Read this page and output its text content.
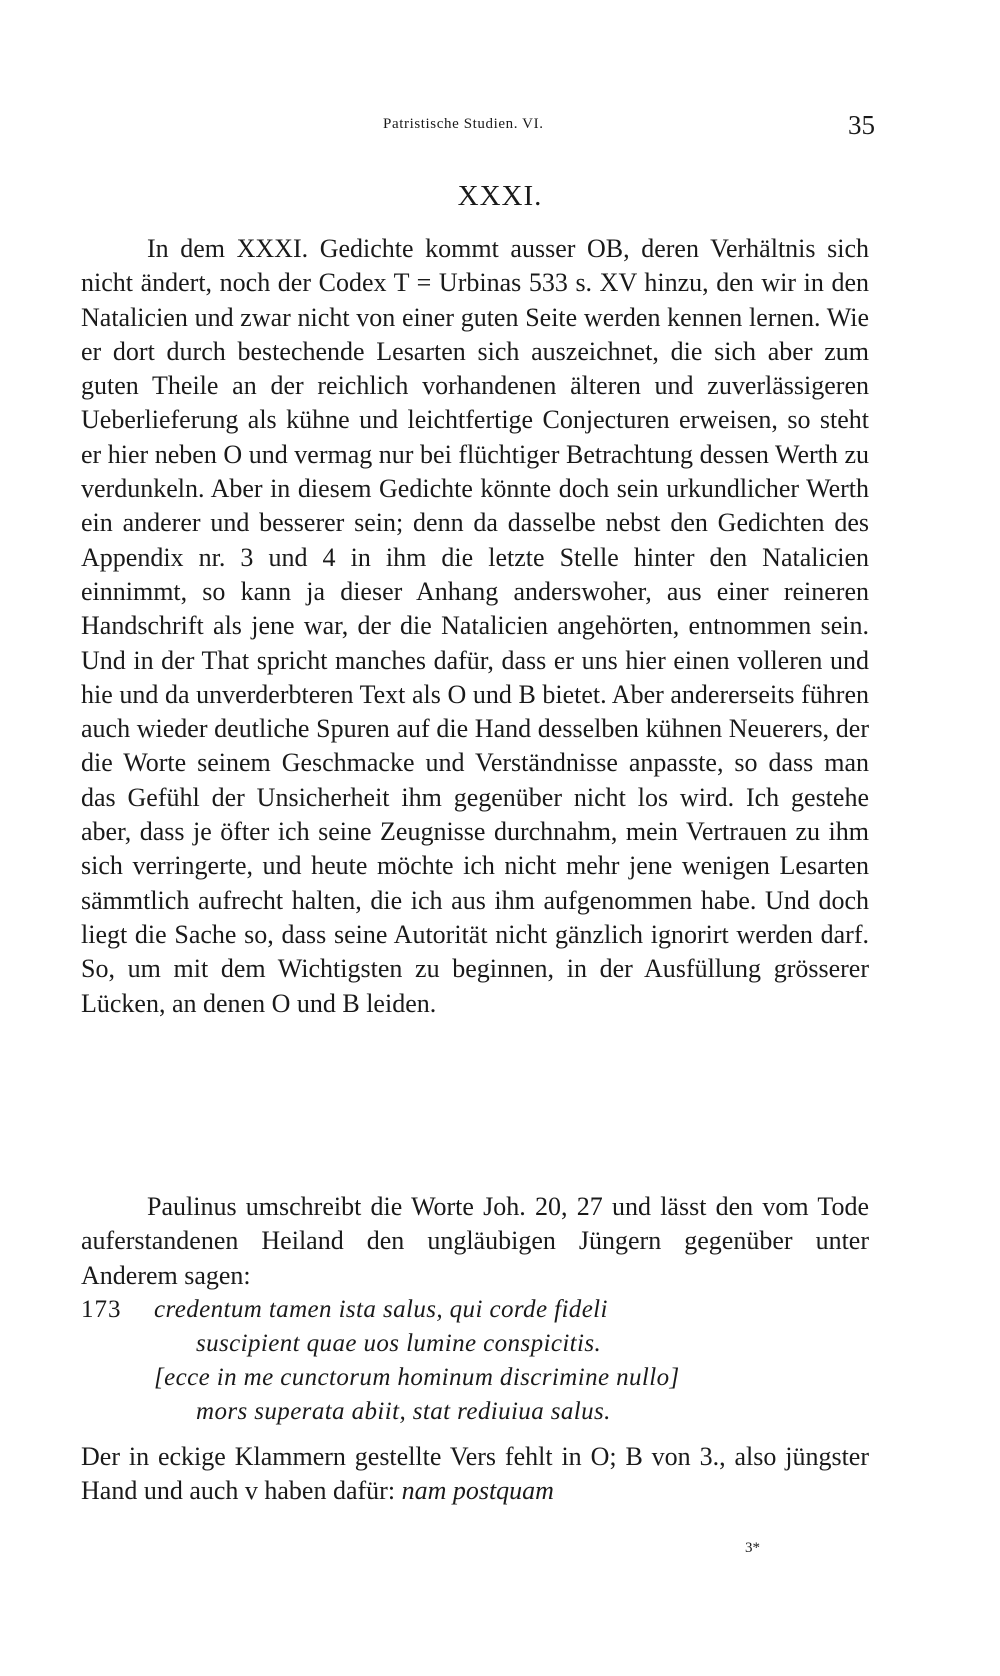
Patristische Studien. VI.	35
XXXI.

In dem XXXI. Gedichte kommt ausser OB, deren Verhältnis sich nicht ändert, noch der Codex T = Urbinas 533 s. XV hinzu, den wir in den Natalicien und zwar nicht von einer guten Seite werden kennen lernen. Wie er dort durch bestechende Lesarten sich auszeichnet, die sich aber zum guten Theile an der reichlich vorhandenen älteren und zuverlässigeren Ueberlieferung als kühne und leichtfertige Conjecturen erweisen, so steht er hier neben O und vermag nur bei flüchtiger Betrachtung dessen Werth zu verdunkeln. Aber in diesem Gedichte könnte doch sein urkundlicher Werth ein anderer und besserer sein; denn da dasselbe nebst den Gedichten des Appendix nr. 3 und 4 in ihm die letzte Stelle hinter den Natalicien einnimmt, so kann ja dieser Anhang anderswoher, aus einer reineren Handschrift als jene war, der die Natalicien angehörten, entnommen sein. Und in der That spricht manches dafür, dass er uns hier einen volleren und hie und da unverderbteren Text als O und B bietet. Aber andererseits führen auch wieder deutliche Spuren auf die Hand desselben kühnen Neuerers, der die Worte seinem Geschmacke und Verständnisse anpasste, so dass man das Gefühl der Unsicherheit ihm gegenüber nicht los wird. Ich gestehe aber, dass je öfter ich seine Zeugnisse durchnahm, mein Vertrauen zu ihm sich verringerte, und heute möchte ich nicht mehr jene wenigen Lesarten sämmtlich aufrecht halten, die ich aus ihm aufgenommen habe. Und doch liegt die Sache so, dass seine Autorität nicht gänzlich ignorirt werden darf. So, um mit dem Wichtigsten zu beginnen, in der Ausfüllung grösserer Lücken, an denen O und B leiden.

Paulinus umschreibt die Worte Joh. 20, 27 und lässt den vom Tode auferstandenen Heiland den ungläubigen Jüngern gegenüber unter Anderem sagen:

173 credentum tamen ista salus, qui corde fideli
suscipient quae uos lumine conspicitis.
[ecce in me cunctorum hominum discrimine nullo]
mors superata abiit, stat rediuiua salus.

Der in eckige Klammern gestellte Vers fehlt in O; B von 3., also jüngster Hand und auch v haben dafür: nam postquam

3*
